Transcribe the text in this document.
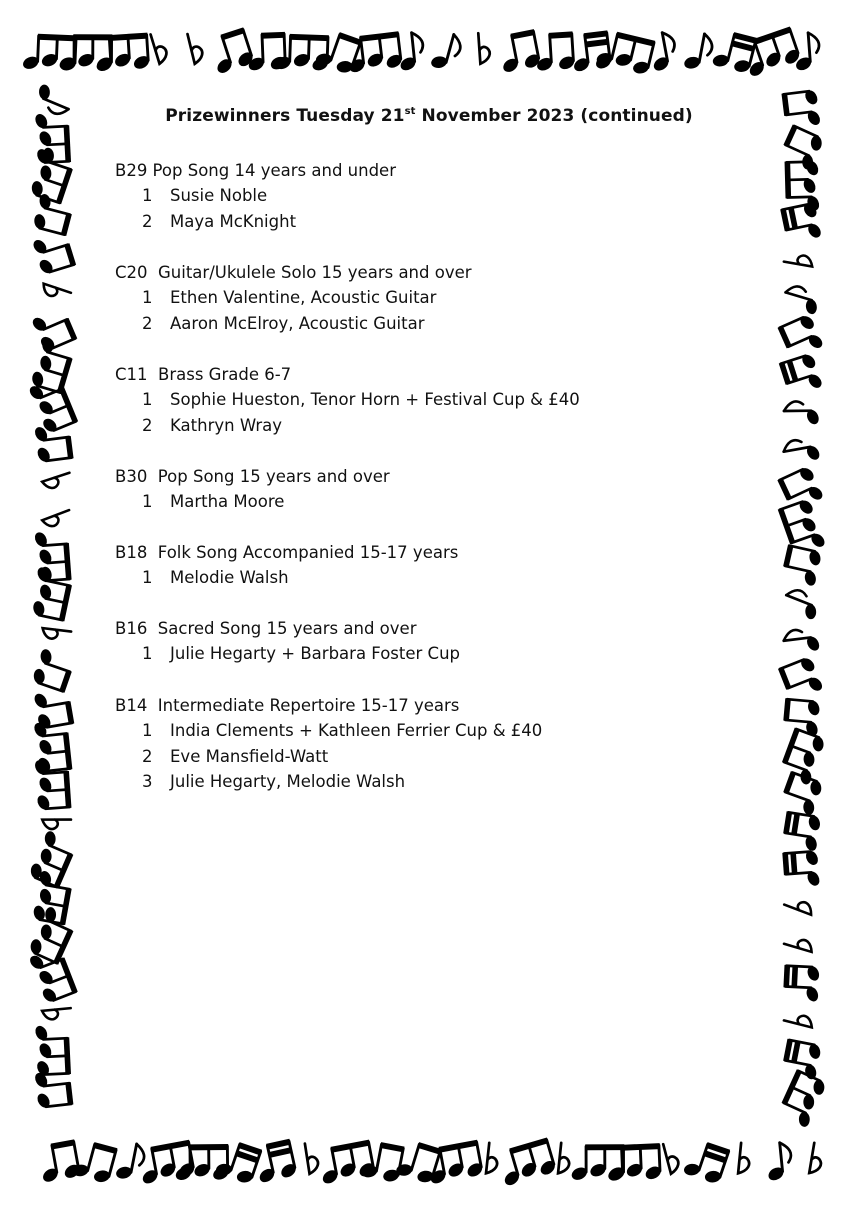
Prizewinners Tuesday 21st November 2023 (continued)
B29 Pop Song 14 years and under
1 Susie Noble
2 Maya McKnight
C20  Guitar/Ukulele Solo 15 years and over
1 Ethen Valentine, Acoustic Guitar
2 Aaron McElroy, Acoustic Guitar
C11  Brass Grade 6-7
1 Sophie Hueston, Tenor Horn + Festival Cup & £40
2 Kathryn Wray
B30  Pop Song 15 years and over
1 Martha Moore
B18  Folk Song Accompanied 15-17 years
1 Melodie Walsh
B16  Sacred Song 15 years and over
1 Julie Hegarty + Barbara Foster Cup
B14  Intermediate Repertoire 15-17 years
1 India Clements + Kathleen Ferrier Cup & £40
2 Eve Mansfield-Watt
3 Julie Hegarty, Melodie Walsh
